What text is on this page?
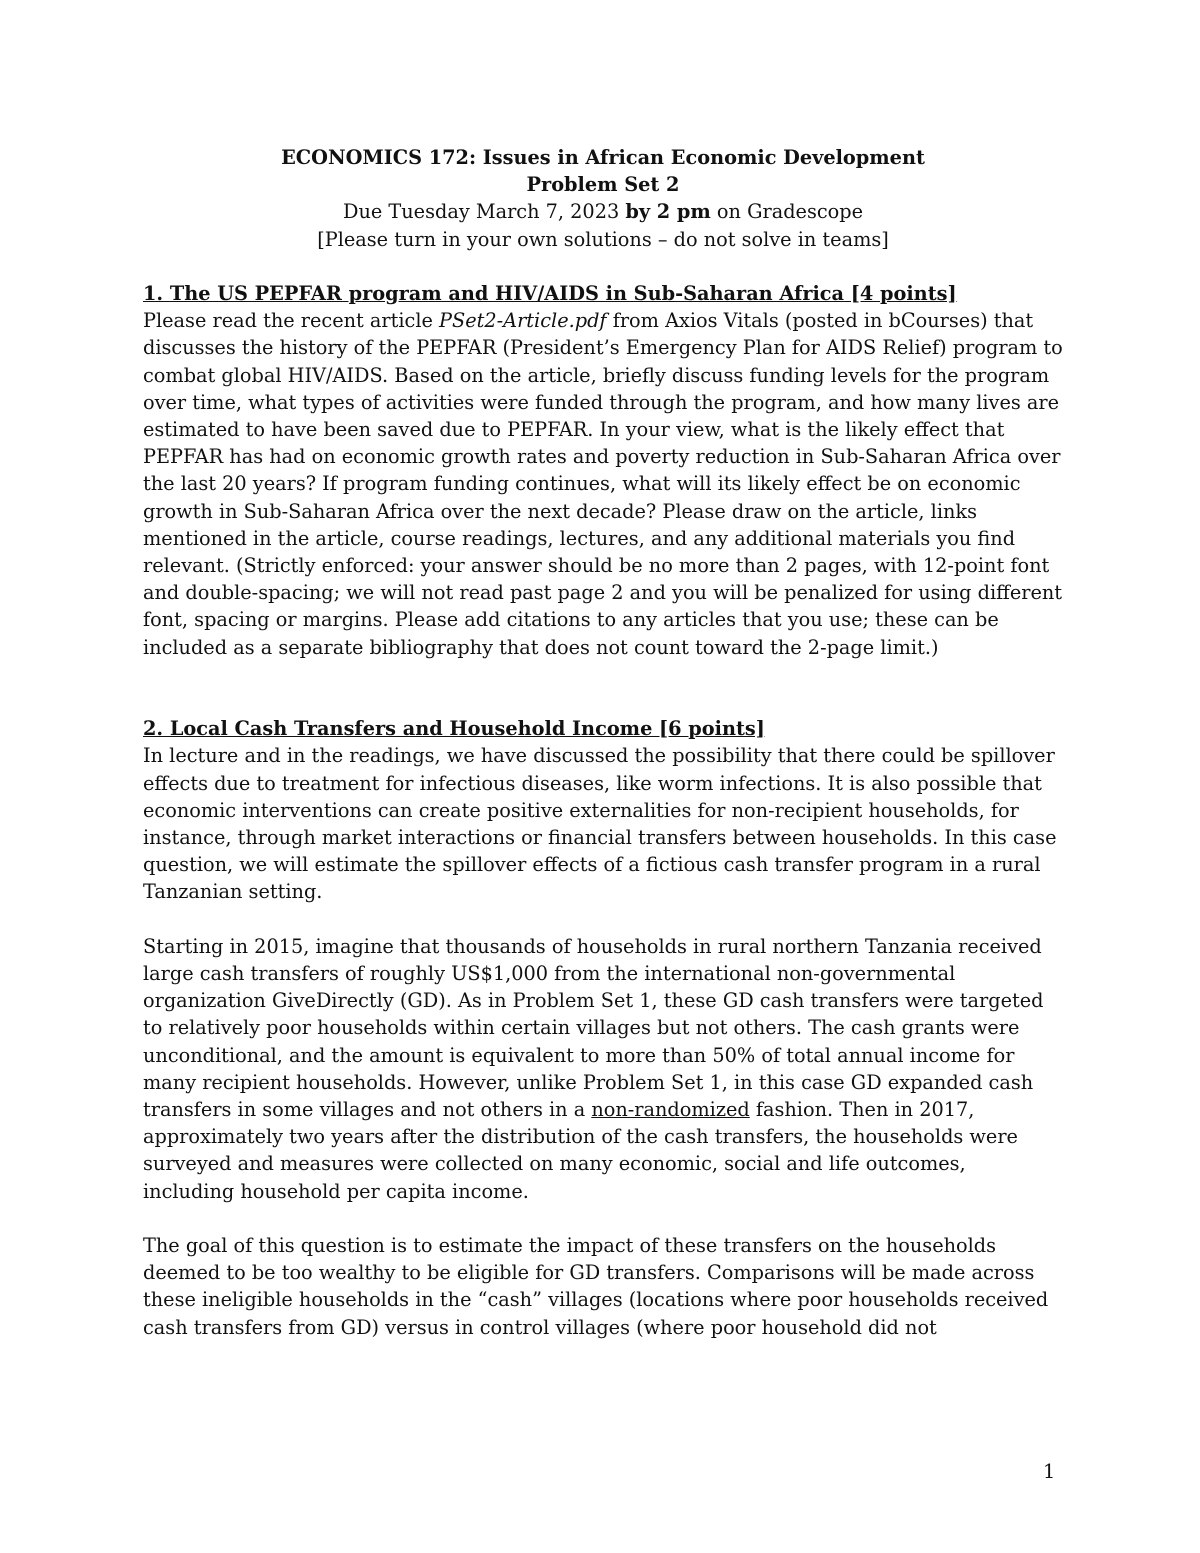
ECONOMICS 172: Issues in African Economic Development
Problem Set 2
Due Tuesday March 7, 2023 by 2 pm on Gradescope
[Please turn in your own solutions – do not solve in teams]
1. The US PEPFAR program and HIV/AIDS in Sub-Saharan Africa [4 points]

Please read the recent article PSet2-Article.pdf from Axios Vitals (posted in bCourses) that discusses the history of the PEPFAR (President’s Emergency Plan for AIDS Relief) program to combat global HIV/AIDS. Based on the article, briefly discuss funding levels for the program over time, what types of activities were funded through the program, and how many lives are estimated to have been saved due to PEPFAR. In your view, what is the likely effect that PEPFAR has had on economic growth rates and poverty reduction in Sub-Saharan Africa over the last 20 years? If program funding continues, what will its likely effect be on economic growth in Sub-Saharan Africa over the next decade? Please draw on the article, links mentioned in the article, course readings, lectures, and any additional materials you find relevant. (Strictly enforced: your answer should be no more than 2 pages, with 12-point font and double-spacing; we will not read past page 2 and you will be penalized for using different font, spacing or margins. Please add citations to any articles that you use; these can be included as a separate bibliography that does not count toward the 2-page limit.)

2. Local Cash Transfers and Household Income [6 points]

In lecture and in the readings, we have discussed the possibility that there could be spillover effects due to treatment for infectious diseases, like worm infections. It is also possible that economic interventions can create positive externalities for non-recipient households, for instance, through market interactions or financial transfers between households. In this case question, we will estimate the spillover effects of a fictious cash transfer program in a rural Tanzanian setting.

Starting in 2015, imagine that thousands of households in rural northern Tanzania received large cash transfers of roughly US$1,000 from the international non-governmental organization GiveDirectly (GD). As in Problem Set 1, these GD cash transfers were targeted to relatively poor households within certain villages but not others. The cash grants were unconditional, and the amount is equivalent to more than 50% of total annual income for many recipient households. However, unlike Problem Set 1, in this case GD expanded cash transfers in some villages and not others in a non-randomized fashion. Then in 2017, approximately two years after the distribution of the cash transfers, the households were surveyed and measures were collected on many economic, social and life outcomes, including household per capita income.

The goal of this question is to estimate the impact of these transfers on the households deemed to be too wealthy to be eligible for GD transfers. Comparisons will be made across these ineligible households in the “cash” villages (locations where poor households received cash transfers from GD) versus in control villages (where poor household did not

1
